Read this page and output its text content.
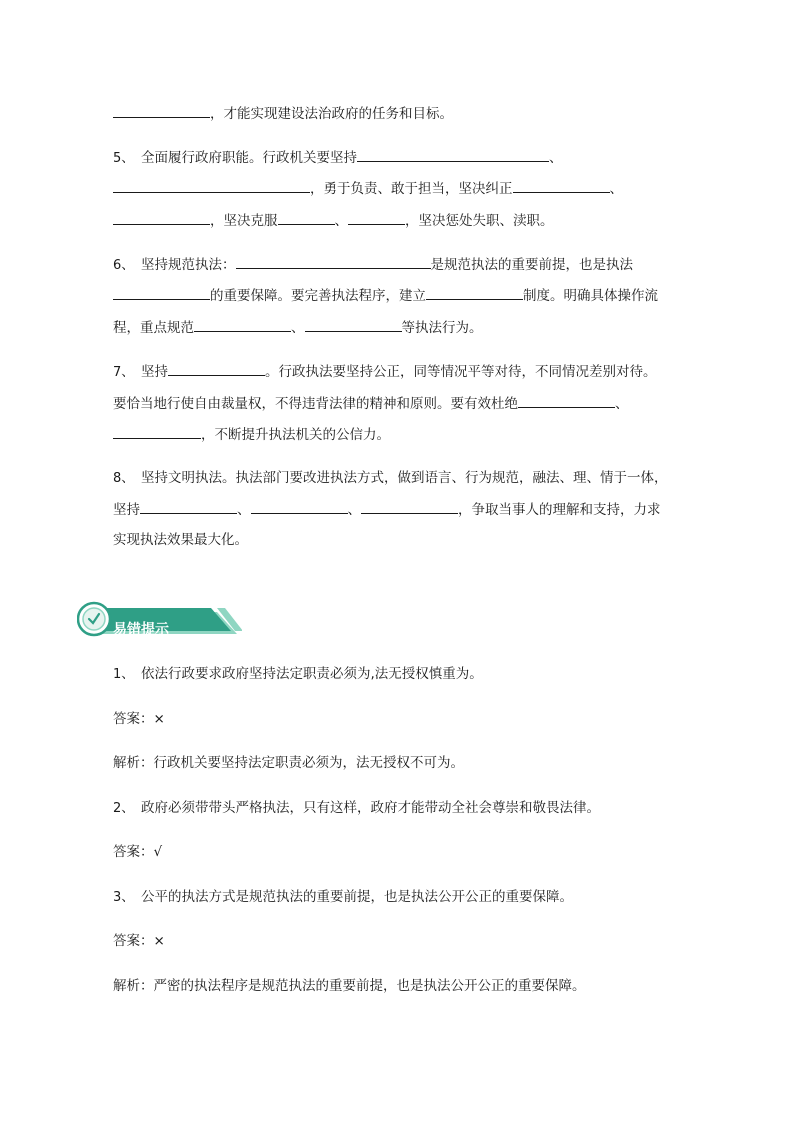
，才能实现建设法治政府的任务和目标。
5、 全面履行政府职能。行政机关要坚持	、
，勇于负责、敢于担当，坚决纠正	、
，坚决克服	、	，坚决惩处失职、渎职。
6、 坚持规范执法：	是规范执法的重要前提，也是执法
的重要保障。要完善执法程序，建立	制度。明确具体操作流
程，重点规范	、	等执法行为。
7、 坚持	。行政执法要坚持公正，同等情况平等对待，不同情况差别对待。
要恰当地行使自由裁量权，不得违背法律的精神和原则。要有效杜绝	、
，不断提升执法机关的公信力。
8、 坚持文明执法。执法部门要改进执法方式，做到语言、行为规范，融法、理、情于一体，
坚持	、	、	，争取当事人的理解和支持，力求
实现执法效果最大化。
易错提示
1、 依法行政要求政府坚持法定职责必须为,法无授权慎重为。
答案：×
解析：行政机关要坚持法定职责必须为，法无授权不可为。
2、 政府必须带带头严格执法，只有这样，政府才能带动全社会尊崇和敬畏法律。
答案：√
3、 公平的执法方式是规范执法的重要前提，也是执法公开公正的重要保障。
答案：×
解析：严密的执法程序是规范执法的重要前提，也是执法公开公正的重要保障。
